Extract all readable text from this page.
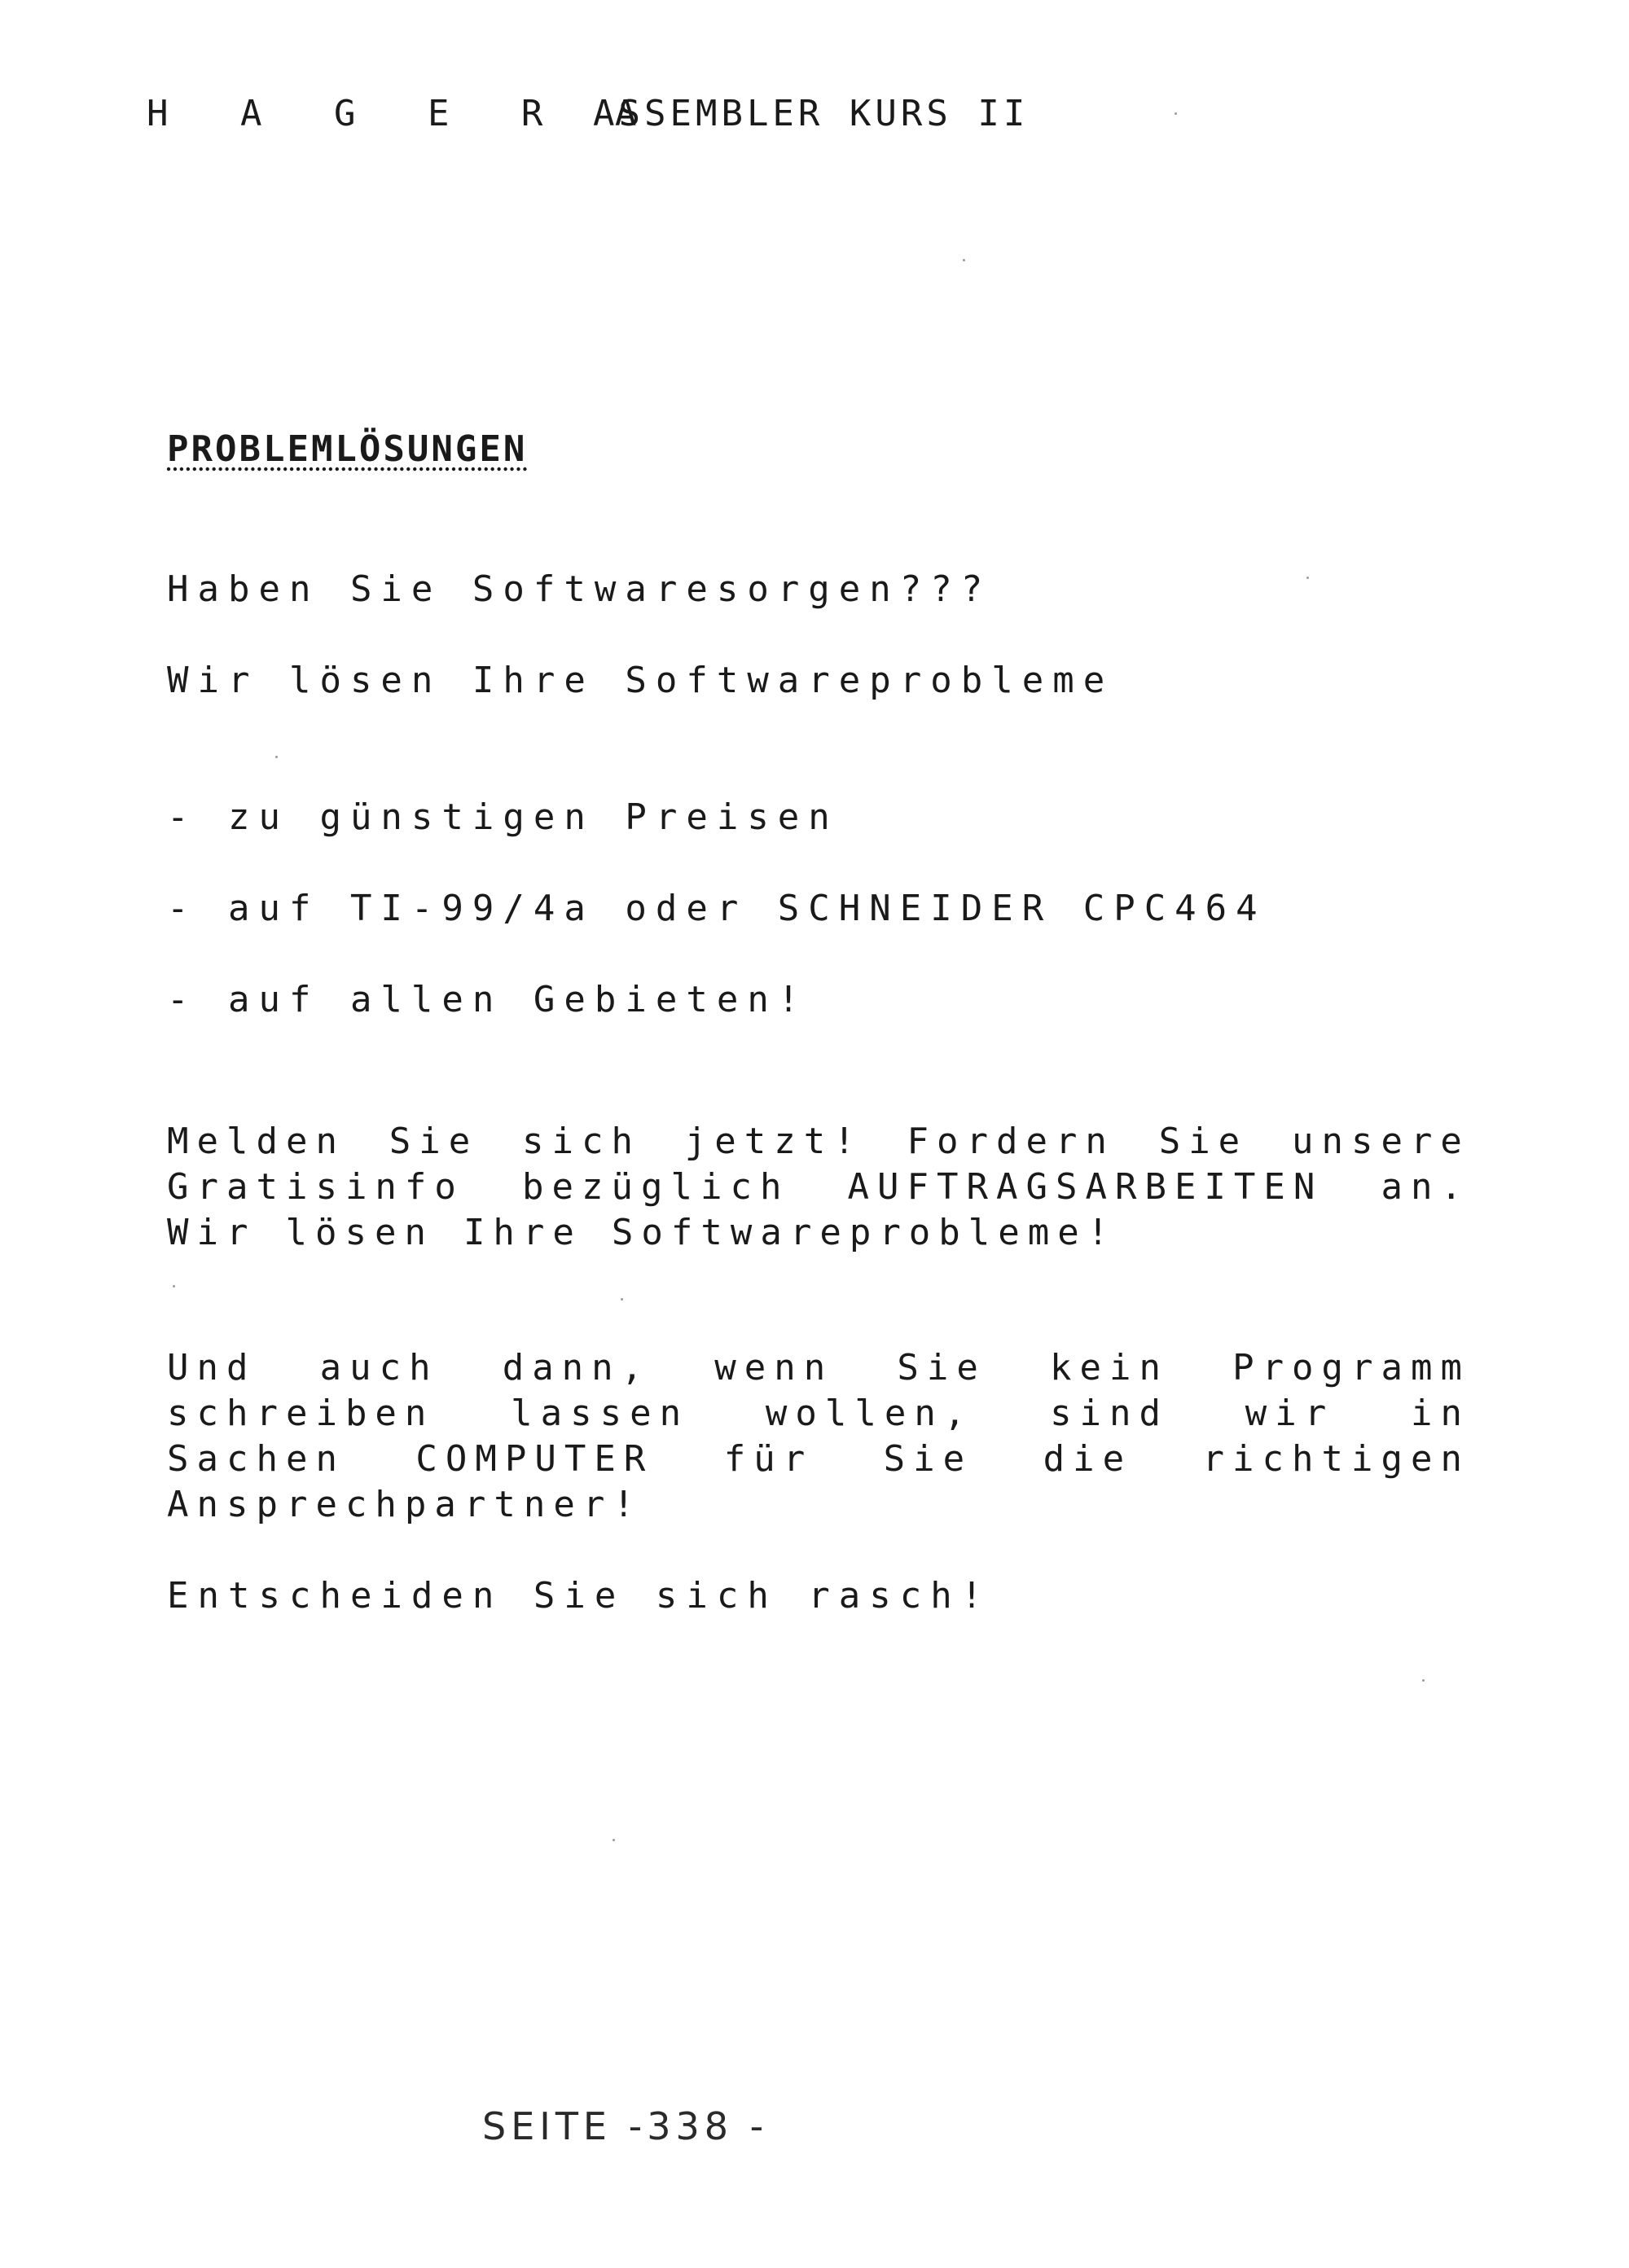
H A G E R A
ASSEMBLER KURS II
PROBLEMLÖSUNGEN
Haben Sie Softwaresorgen???
Wir lösen Ihre Softwareprobleme
- zu günstigen Preisen
- auf TI-99/4a oder SCHNEIDER CPC464
- auf allen Gebieten!
Melden Sie sich jetzt! Fordern Sie unsere
Gratisinfo bezüglich AUFTRAGSARBEITEN an.
Wir lösen Ihre Softwareprobleme!
Und auch dann, wenn Sie kein Programm
schreiben lassen wollen, sind wir in
Sachen COMPUTER für Sie die richtigen
Ansprechpartner!
Entscheiden Sie sich rasch!
SEITE -338 -
